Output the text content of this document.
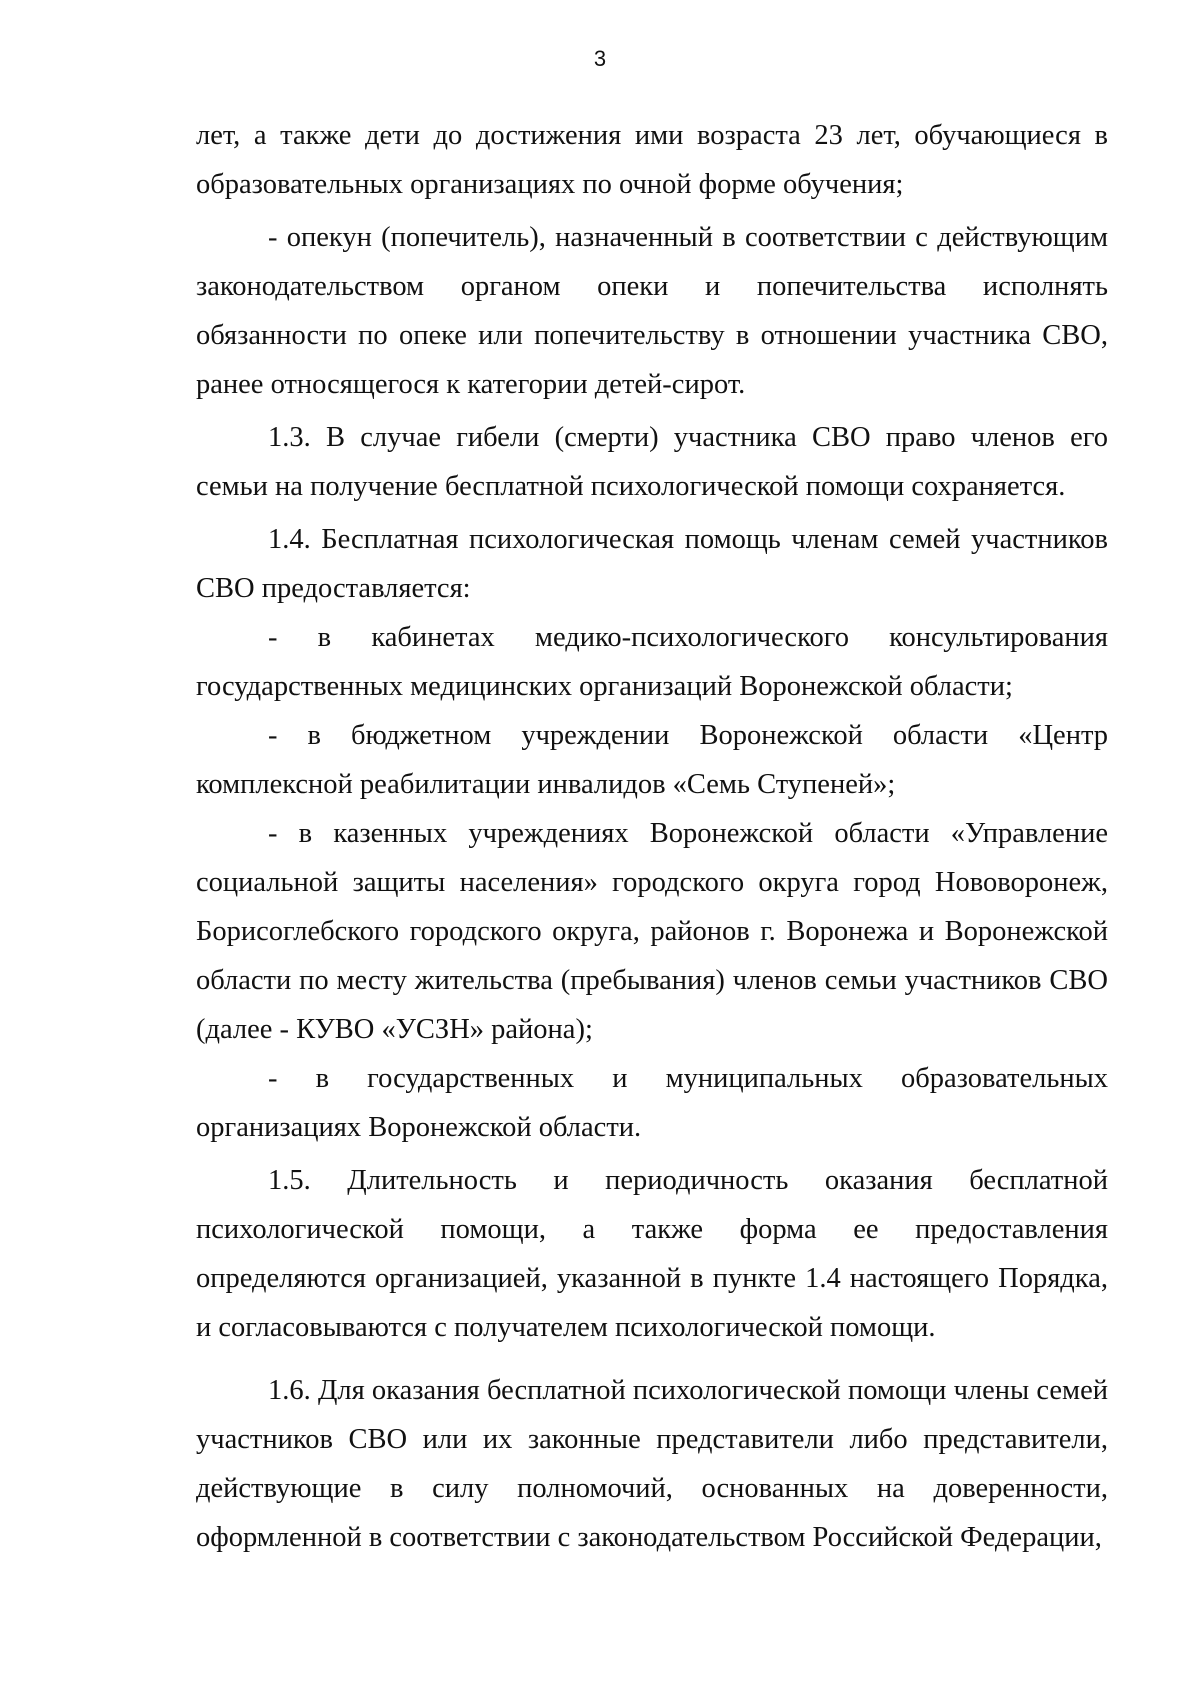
3

лет, а также дети до достижения ими возраста 23 лет, обучающиеся в образовательных организациях по очной форме обучения;

- опекун (попечитель), назначенный в соответствии с действующим законодательством органом опеки и попечительства исполнять обязанности по опеке или попечительству в отношении участника СВО, ранее относящегося к категории детей-сирот.

1.3. В случае гибели (смерти) участника СВО право членов его семьи на получение бесплатной психологической помощи сохраняется.

1.4. Бесплатная психологическая помощь членам семей участников СВО предоставляется:

- в кабинетах медико-психологического консультирования государственных медицинских организаций Воронежской области;

- в бюджетном учреждении Воронежской области «Центр комплексной реабилитации инвалидов «Семь Ступеней»;

- в казенных учреждениях Воронежской области «Управление социальной защиты населения» городского округа город Нововоронеж, Борисоглебского городского округа, районов г. Воронежа и Воронежской области по месту жительства (пребывания) членов семьи участников СВО (далее - КУВО «УСЗН» района);

- в государственных и муниципальных образовательных организациях Воронежской области.

1.5. Длительность и периодичность оказания бесплатной психологической помощи, а также форма ее предоставления определяются организацией, указанной в пункте 1.4 настоящего Порядка, и согласовываются с получателем психологической помощи.

1.6. Для оказания бесплатной психологической помощи члены семей участников СВО или их законные представители либо представители, действующие в силу полномочий, основанных на доверенности, оформленной в соответствии с законодательством Российской Федерации,
